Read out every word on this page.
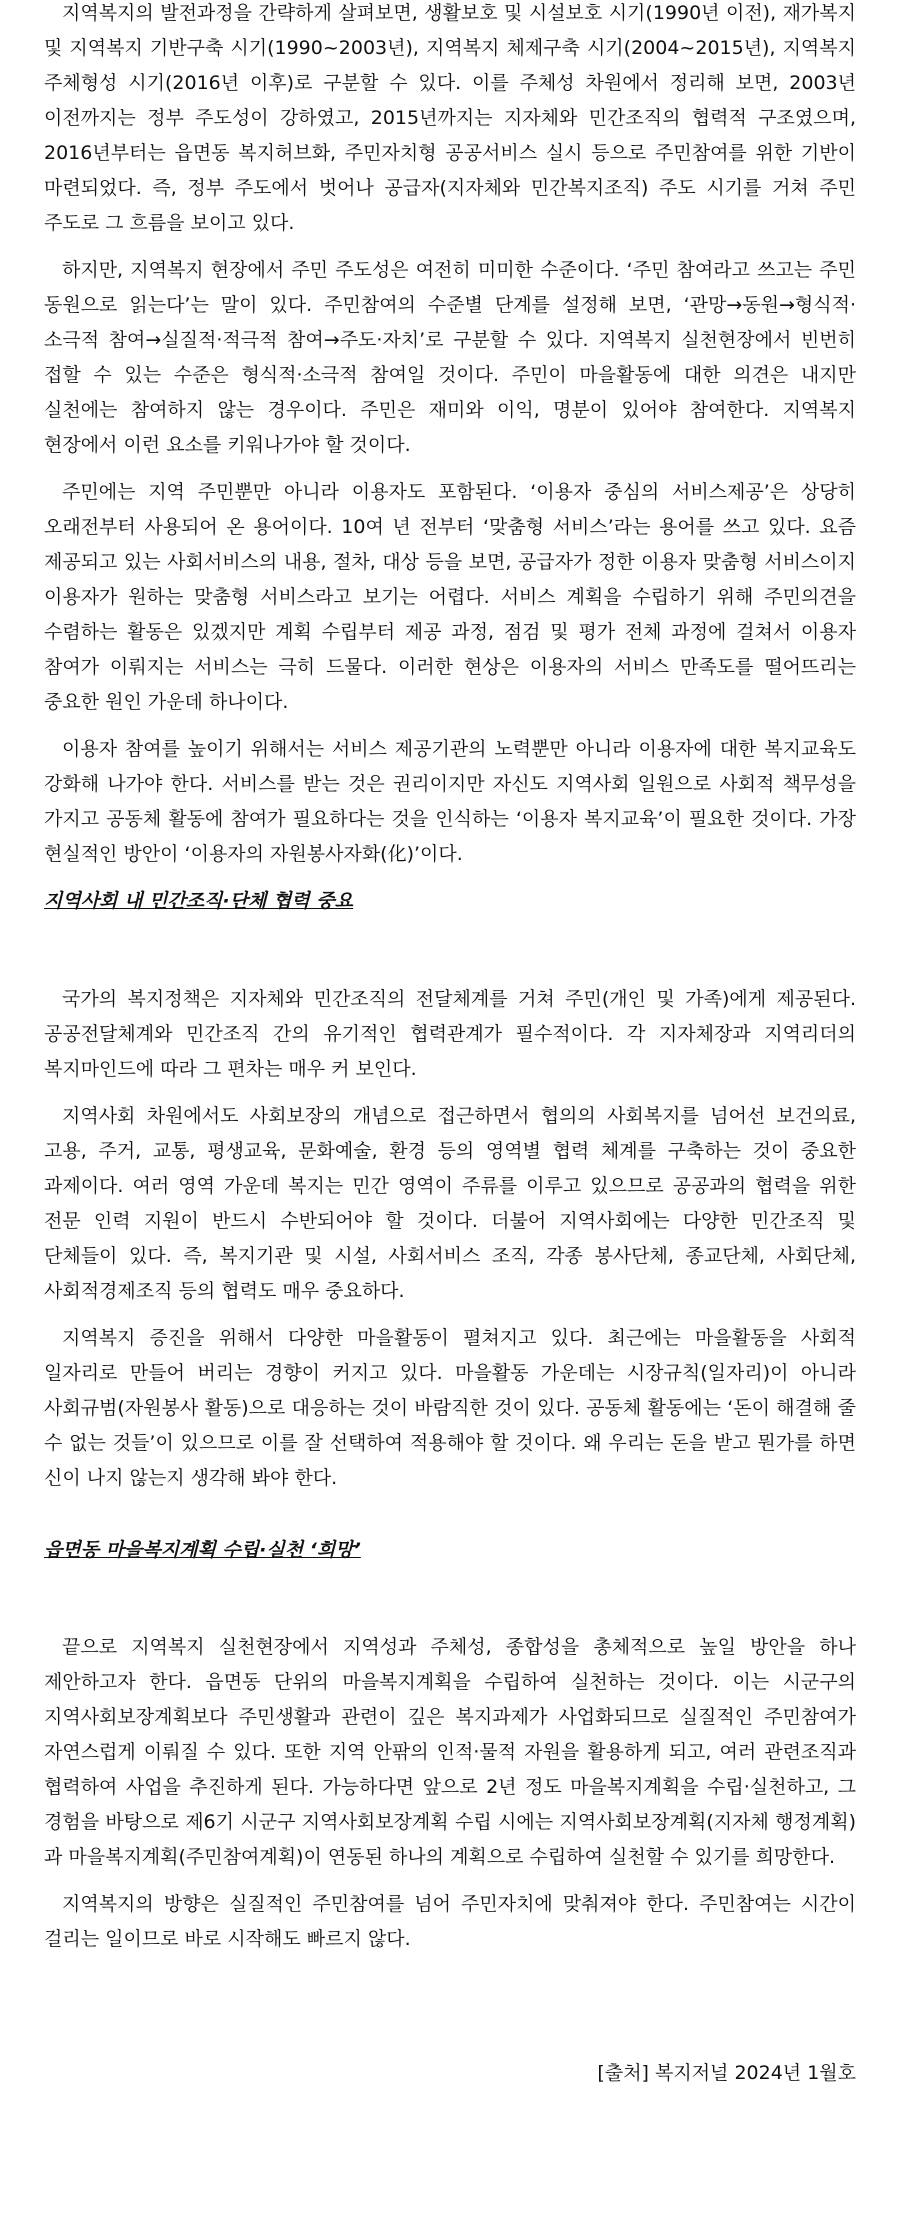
지역복지의 발전과정을 간략하게 살펴보면, 생활보호 및 시설보호 시기(1990년 이전), 재가복지 및 지역복지 기반구축 시기(1990~2003년), 지역복지 체제구축 시기(2004~2015년), 지역복지 주체형성 시기(2016년 이후)로 구분할 수 있다. 이를 주체성 차원에서 정리해 보면, 2003년 이전까지는 정부 주도성이 강하였고, 2015년까지는 지자체와 민간조직의 협력적 구조였으며, 2016년부터는 읍면동 복지허브화, 주민자치형 공공서비스 실시 등으로 주민참여를 위한 기반이 마련되었다. 즉, 정부 주도에서 벗어나 공급자(지자체와 민간복지조직) 주도 시기를 거쳐 주민 주도로 그 흐름을 보이고 있다.

하지만, 지역복지 현장에서 주민 주도성은 여전히 미미한 수준이다. ‘주민 참여라고 쓰고는 주민 동원으로 읽는다’는 말이 있다. 주민참여의 수준별 단계를 설정해 보면, ‘관망→동원→형식적·소극적 참여→실질적·적극적 참여→주도·자치’로 구분할 수 있다. 지역복지 실천현장에서 빈번히 접할 수 있는 수준은 형식적·소극적 참여일 것이다. 주민이 마을활동에 대한 의견은 내지만 실천에는 참여하지 않는 경우이다. 주민은 재미와 이익, 명분이 있어야 참여한다. 지역복지 현장에서 이런 요소를 키워나가야 할 것이다.

주민에는 지역 주민뿐만 아니라 이용자도 포함된다. ‘이용자 중심의 서비스제공’은 상당히 오래전부터 사용되어 온 용어이다. 10여 년 전부터 ‘맞춤형 서비스’라는 용어를 쓰고 있다. 요즘 제공되고 있는 사회서비스의 내용, 절차, 대상 등을 보면, 공급자가 정한 이용자 맞춤형 서비스이지 이용자가 원하는 맞춤형 서비스라고 보기는 어렵다. 서비스 계획을 수립하기 위해 주민의견을 수렴하는 활동은 있겠지만 계획 수립부터 제공 과정, 점검 및 평가 전체 과정에 걸쳐서 이용자 참여가 이뤄지는 서비스는 극히 드물다. 이러한 현상은 이용자의 서비스 만족도를 떨어뜨리는 중요한 원인 가운데 하나이다.

이용자 참여를 높이기 위해서는 서비스 제공기관의 노력뿐만 아니라 이용자에 대한 복지교육도 강화해 나가야 한다. 서비스를 받는 것은 권리이지만 자신도 지역사회 일원으로 사회적 책무성을 가지고 공동체 활동에 참여가 필요하다는 것을 인식하는 ‘이용자 복지교육’이 필요한 것이다. 가장 현실적인 방안이 ‘이용자의 자원봉사자화(化)’이다.

지역사회 내 민간조직·단체 협력 중요

국가의 복지정책은 지자체와 민간조직의 전달체계를 거쳐 주민(개인 및 가족)에게 제공된다. 공공전달체계와 민간조직 간의 유기적인 협력관계가 필수적이다. 각 지자체장과 지역리더의 복지마인드에 따라 그 편차는 매우 커 보인다.

지역사회 차원에서도 사회보장의 개념으로 접근하면서 협의의 사회복지를 넘어선 보건의료, 고용, 주거, 교통, 평생교육, 문화예술, 환경 등의 영역별 협력 체계를 구축하는 것이 중요한 과제이다. 여러 영역 가운데 복지는 민간 영역이 주류를 이루고 있으므로 공공과의 협력을 위한 전문 인력 지원이 반드시 수반되어야 할 것이다. 더불어 지역사회에는 다양한 민간조직 및 단체들이 있다. 즉, 복지기관 및 시설, 사회서비스 조직, 각종 봉사단체, 종교단체, 사회단체, 사회적경제조직 등의 협력도 매우 중요하다.

지역복지 증진을 위해서 다양한 마을활동이 펼쳐지고 있다. 최근에는 마을활동을 사회적 일자리로 만들어 버리는 경향이 커지고 있다. 마을활동 가운데는 시장규칙(일자리)이 아니라 사회규범(자원봉사 활동)으로 대응하는 것이 바람직한 것이 있다. 공동체 활동에는 ‘돈이 해결해 줄 수 없는 것들’이 있으므로 이를 잘 선택하여 적용해야 할 것이다. 왜 우리는 돈을 받고 뭔가를 하면 신이 나지 않는지 생각해 봐야 한다.

읍면동 마을복지계획 수립·실천 ‘희망’

끝으로 지역복지 실천현장에서 지역성과 주체성, 종합성을 총체적으로 높일 방안을 하나 제안하고자 한다. 읍면동 단위의 마을복지계획을 수립하여 실천하는 것이다. 이는 시군구의 지역사회보장계획보다 주민생활과 관련이 깊은 복지과제가 사업화되므로 실질적인 주민참여가 자연스럽게 이뤄질 수 있다. 또한 지역 안팎의 인적·물적 자원을 활용하게 되고, 여러 관련조직과 협력하여 사업을 추진하게 된다. 가능하다면 앞으로 2년 정도 마을복지계획을 수립·실천하고, 그 경험을 바탕으로 제6기 시군구 지역사회보장계획 수립 시에는 지역사회보장계획(지자체 행정계획)과 마을복지계획(주민참여계획)이 연동된 하나의 계획으로 수립하여 실천할 수 있기를 희망한다.

지역복지의 방향은 실질적인 주민참여를 넘어 주민자치에 맞춰져야 한다. 주민참여는 시간이 걸리는 일이므로 바로 시작해도 빠르지 않다.

[출처] 복지저널 2024년 1월호
